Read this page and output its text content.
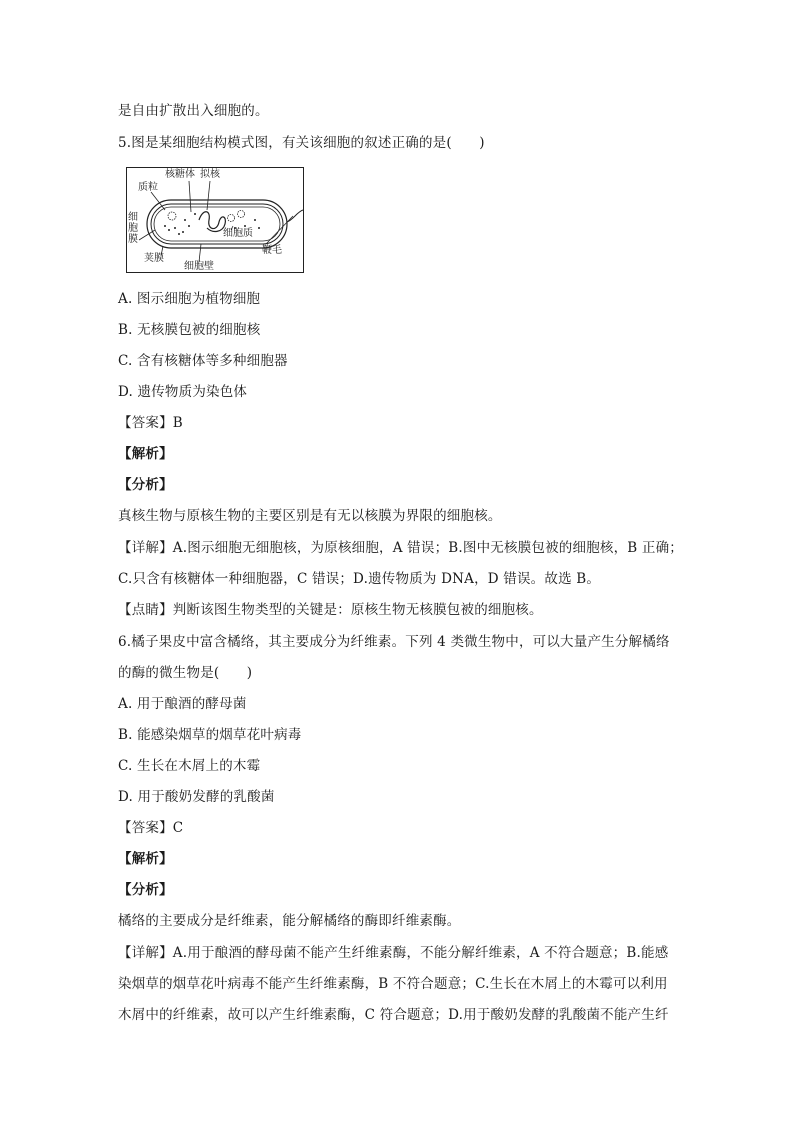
是自由扩散出入细胞的。
5.图是某细胞结构模式图，有关该细胞的叙述正确的是(　　)
核糖体 拟核
质粒
细胞膜
荚膜
细胞壁
细胞质
鞭毛
A. 图示细胞为植物细胞
B. 无核膜包被的细胞核
C. 含有核糖体等多种细胞器
D. 遗传物质为染色体
【答案】B
【解析】
【分析】
真核生物与原核生物的主要区别是有无以核膜为界限的细胞核。
【详解】A.图示细胞无细胞核，为原核细胞，A 错误；B.图中无核膜包被的细胞核，B 正确；
C.只含有核糖体一种细胞器，C 错误；D.遗传物质为 DNA，D 错误。故选 B。
【点睛】判断该图生物类型的关键是：原核生物无核膜包被的细胞核。
6.橘子果皮中富含橘络，其主要成分为纤维素。下列 4 类微生物中，可以大量产生分解橘络
的酶的微生物是(　　)
A. 用于酿酒的酵母菌
B. 能感染烟草的烟草花叶病毒
C. 生长在木屑上的木霉
D. 用于酸奶发酵的乳酸菌
【答案】C
【解析】
【分析】
橘络的主要成分是纤维素，能分解橘络的酶即纤维素酶。
【详解】A.用于酿酒的酵母菌不能产生纤维素酶，不能分解纤维素，A 不符合题意；B.能感
染烟草的烟草花叶病毒不能产生纤维素酶，B 不符合题意；C.生长在木屑上的木霉可以利用
木屑中的纤维素，故可以产生纤维素酶，C 符合题意；D.用于酸奶发酵的乳酸菌不能产生纤
